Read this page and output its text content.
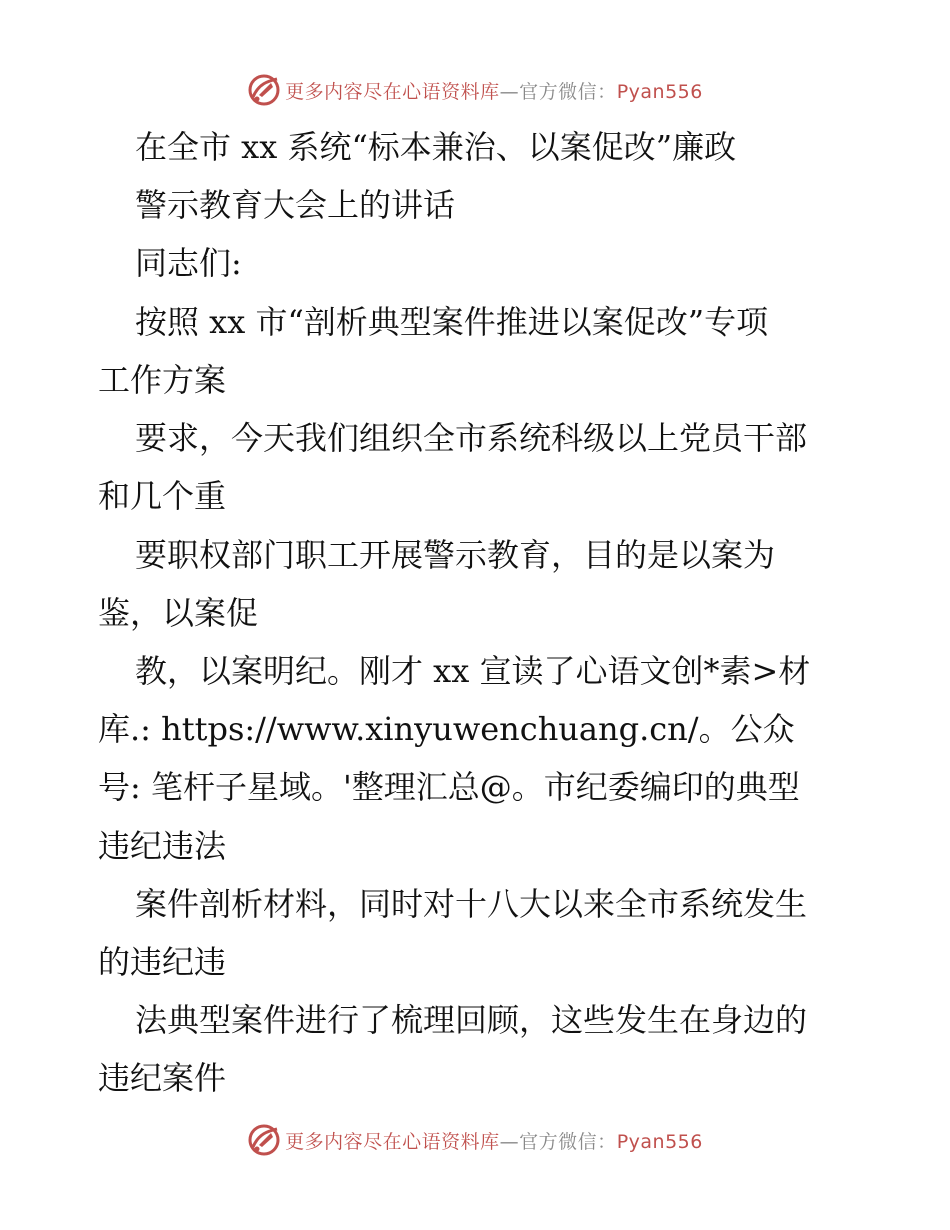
更多内容尽在心语资料库—官方微信：Pyan556
在全市 xx 系统“标本兼治、以案促改”廉政
警示教育大会上的讲话
同志们:
按照 xx 市“剖析典型案件推进以案促改”专项
工作方案
要求，今天我们组织全市系统科级以上党员干部
和几个重
要职权部门职工开展警示教育，目的是以案为
鉴，以案促
教，以案明纪。刚才 xx 宣读了心语文创*素>材
库.: https://www.xinyuwenchuang.cn/。公众
号: 笔杆子星域。'整理汇总@。市纪委编印的典型
违纪违法
案件剖析材料，同时对十八大以来全市系统发生
的违纪违
法典型案件进行了梳理回顾，这些发生在身边的
违纪案件
更多内容尽在心语资料库—官方微信：Pyan556
